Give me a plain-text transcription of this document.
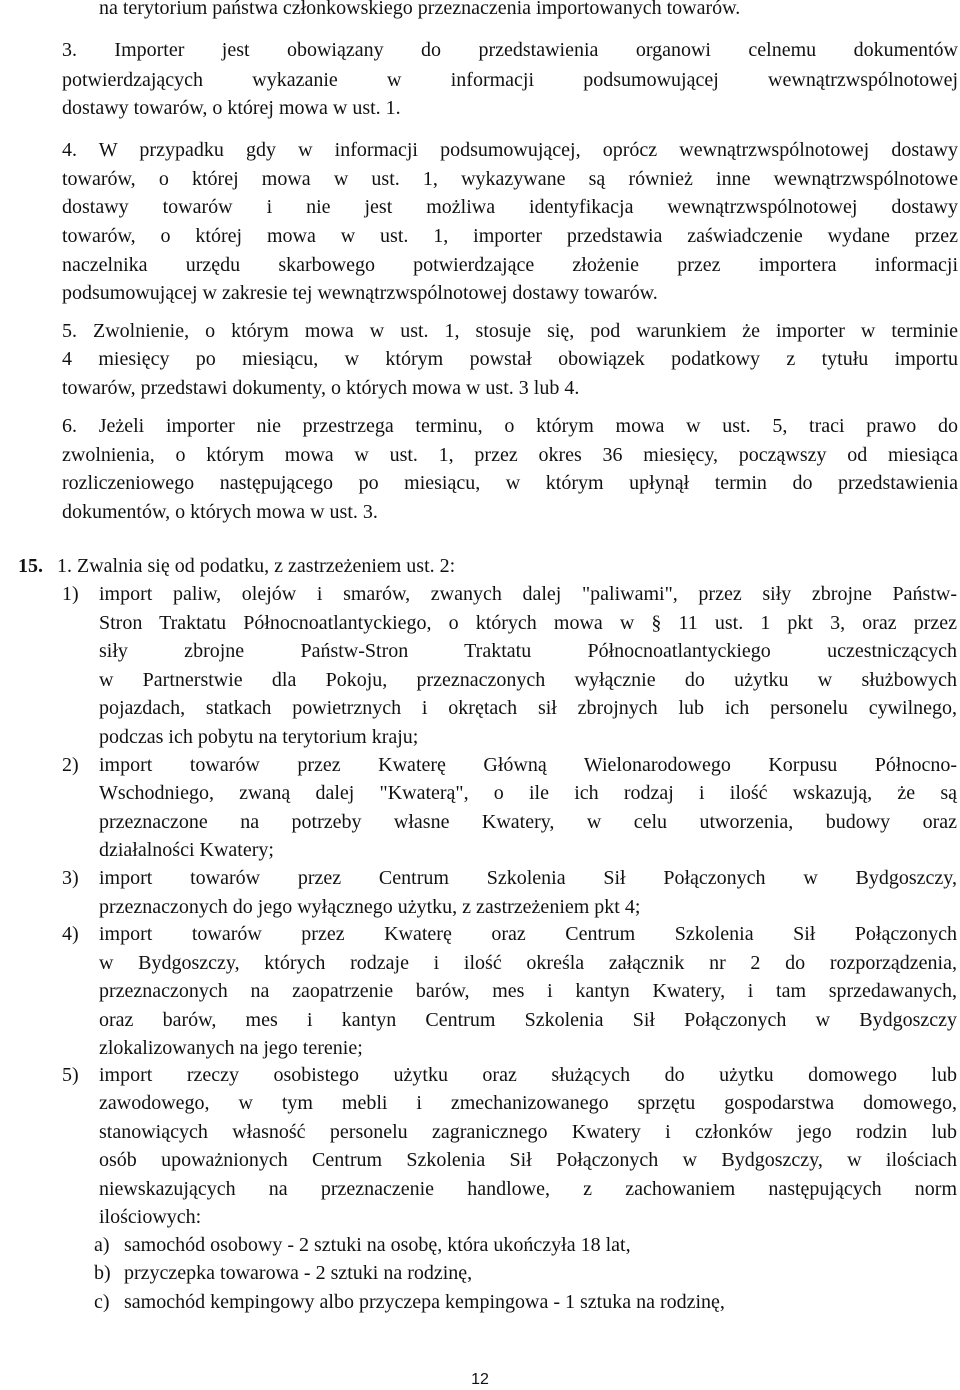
na terytorium państwa członkowskiego przeznaczenia importowanych towarów.

3. Importer jest obowiązany do przedstawienia organowi celnemu dokumentów

potwierdzających wykazanie w informacji podsumowującej wewnątrzwspólnotowej

dostawy towarów, o której mowa w ust. 1.

4. W przypadku gdy w informacji podsumowującej, oprócz wewnątrzwspólnotowej dostawy

towarów, o której mowa w ust. 1, wykazywane są również inne wewnątrzwspólnotowe

dostawy towarów i nie jest możliwa identyfikacja wewnątrzwspólnotowej dostawy

towarów, o której mowa w ust. 1, importer przedstawia zaświadczenie wydane przez

naczelnika urzędu skarbowego potwierdzające złożenie przez importera informacji

podsumowującej w zakresie tej wewnątrzwspólnotowej dostawy towarów.

5. Zwolnienie, o którym mowa w ust. 1, stosuje się, pod warunkiem że importer w terminie

4 miesięcy po miesiącu, w którym powstał obowiązek podatkowy z tytułu importu

towarów, przedstawi dokumenty, o których mowa w ust. 3 lub 4.

6. Jeżeli importer nie przestrzega terminu, o którym mowa w ust. 5, traci prawo do

zwolnienia, o którym mowa w ust. 1, przez okres 36 miesięcy, począwszy od miesiąca

rozliczeniowego następującego po miesiącu, w którym upłynął termin do przedstawienia

dokumentów, o których mowa w ust. 3.

15. 1. Zwalnia się od podatku, z zastrzeżeniem ust. 2:
1) import paliw, olejów i smarów, zwanych dalej "paliwami", przez siły zbrojne Państw-

Stron Traktatu Północnoatlantyckiego, o których mowa w § 11 ust. 1 pkt 3, oraz przez

siły zbrojne Państw-Stron Traktatu Północnoatlantyckiego uczestniczących

w Partnerstwie dla Pokoju, przeznaczonych wyłącznie do użytku w służbowych

pojazdach, statkach powietrznych i okrętach sił zbrojnych lub ich personelu cywilnego,

podczas ich pobytu na terytorium kraju;

2) import towarów przez Kwaterę Główną Wielonarodowego Korpusu Północno-

Wschodniego, zwaną dalej "Kwaterą", o ile ich rodzaj i ilość wskazują, że są

przeznaczone na potrzeby własne Kwatery, w celu utworzenia, budowy oraz

działalności Kwatery;

3) import towarów przez Centrum Szkolenia Sił Połączonych w Bydgoszczy,

przeznaczonych do jego wyłącznego użytku, z zastrzeżeniem pkt 4;

4) import towarów przez Kwaterę oraz Centrum Szkolenia Sił Połączonych

w Bydgoszczy, których rodzaje i ilość określa załącznik nr 2 do rozporządzenia,

przeznaczonych na zaopatrzenie barów, mes i kantyn Kwatery, i tam sprzedawanych,

oraz barów, mes i kantyn Centrum Szkolenia Sił Połączonych w Bydgoszczy

zlokalizowanych na jego terenie;

5) import rzeczy osobistego użytku oraz służących do użytku domowego lub

zawodowego, w tym mebli i zmechanizowanego sprzętu gospodarstwa domowego,

stanowiących własność personelu zagranicznego Kwatery i członków jego rodzin lub

osób upoważnionych Centrum Szkolenia Sił Połączonych w Bydgoszczy, w ilościach

niewskazujących na przeznaczenie handlowe, z zachowaniem następujących norm

ilościowych:

a) samochód osobowy - 2 sztuki na osobę, która ukończyła 18 lat,
b) przyczepka towarowa - 2 sztuki na rodzinę,
c) samochód kempingowy albo przyczepa kempingowa - 1 sztuka na rodzinę,
12
